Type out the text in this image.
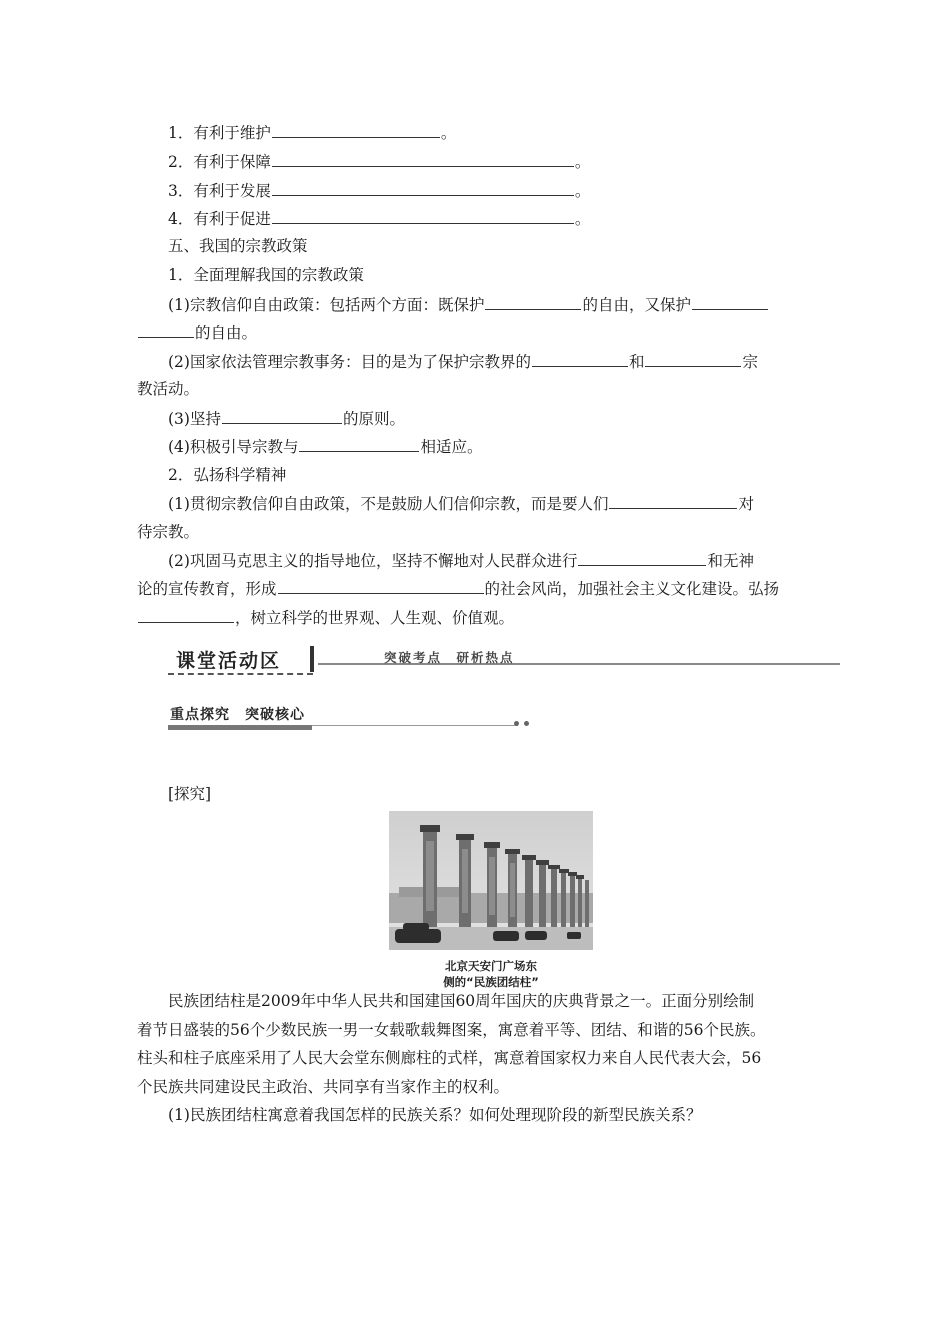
1．有利于维护	。
2．有利于保障	。
3．有利于发展	。
4．有利于促进	。
五、我国的宗教政策
1．全面理解我国的宗教政策
(1)宗教信仰自由政策：包括两个方面：既保护	的自由，又保护
的自由。
(2)国家依法管理宗教事务：目的是为了保护宗教界的	和	宗
教活动。
(3)坚持	的原则。
(4)积极引导宗教与	相适应。
2．弘扬科学精神
(1)贯彻宗教信仰自由政策，不是鼓励人们信仰宗教，而是要人们	对
待宗教。
(2)巩固马克思主义的指导地位，坚持不懈地对人民群众进行	和无神
论的宣传教育，形成	的社会风尚，加强社会主义文化建设。弘扬
，树立科学的世界观、人生观、价值观。
课堂活动区	突破考点　研析热点
重点探究　突破核心
[探究]
北京天安门广场东
侧的“民族团结柱”
民族团结柱是2009年中华人民共和国建国60周年国庆的庆典背景之一。正面分别绘制
着节日盛装的56个少数民族一男一女载歌载舞图案，寓意着平等、团结、和谐的56个民族。
柱头和柱子底座采用了人民大会堂东侧廊柱的式样，寓意着国家权力来自人民代表大会，56
个民族共同建设民主政治、共同享有当家作主的权利。
(1)民族团结柱寓意着我国怎样的民族关系？如何处理现阶段的新型民族关系？
